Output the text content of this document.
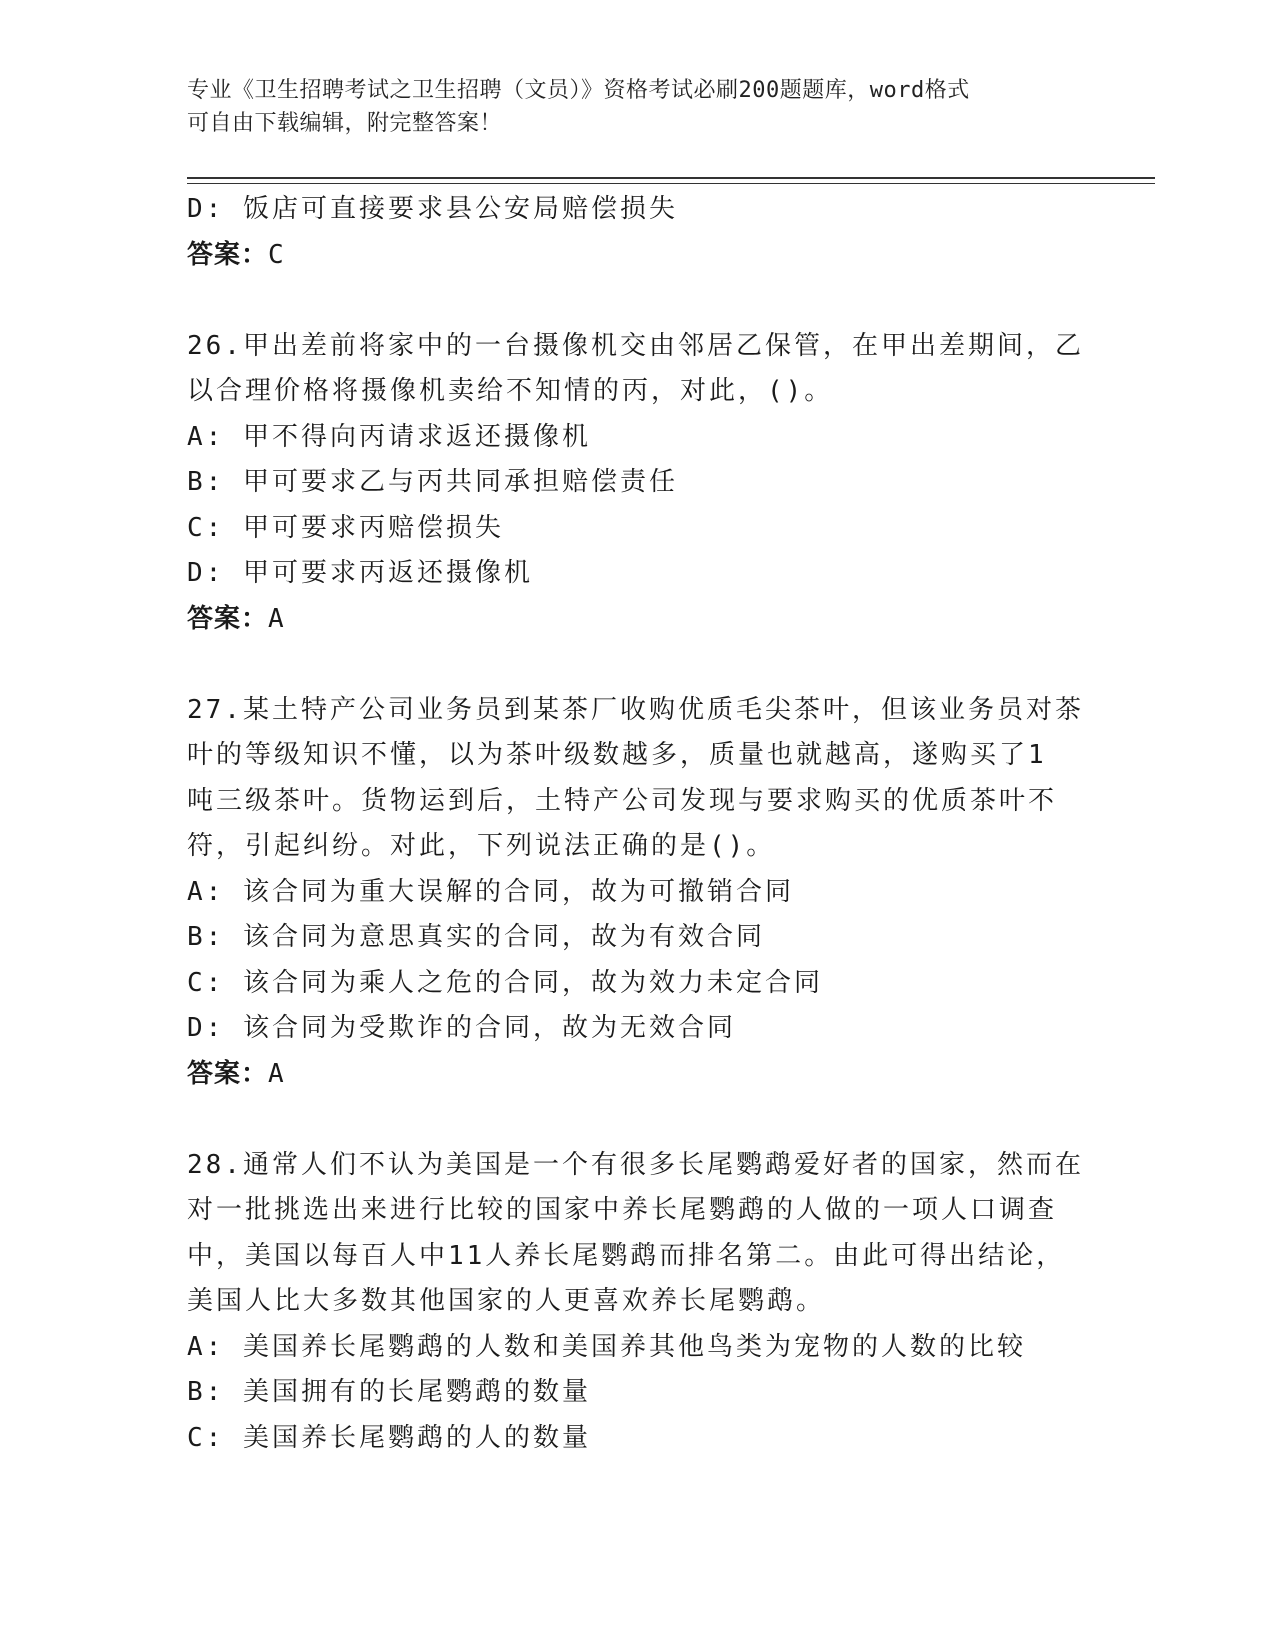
专业《卫生招聘考试之卫生招聘（文员）》资格考试必刷200题题库，word格式
可自由下载编辑，附完整答案！
D: 饭店可直接要求县公安局赔偿损失
答案：C
26.甲出差前将家中的一台摄像机交由邻居乙保管，在甲出差期间，乙
以合理价格将摄像机卖给不知情的丙，对此，()。
A: 甲不得向丙请求返还摄像机
B: 甲可要求乙与丙共同承担赔偿责任
C: 甲可要求丙赔偿损失
D: 甲可要求丙返还摄像机
答案：A
27.某土特产公司业务员到某茶厂收购优质毛尖茶叶，但该业务员对茶
叶的等级知识不懂，以为茶叶级数越多，质量也就越高，遂购买了1
吨三级茶叶。货物运到后，土特产公司发现与要求购买的优质茶叶不
符，引起纠纷。对此，下列说法正确的是()。
A: 该合同为重大误解的合同，故为可撤销合同
B: 该合同为意思真实的合同，故为有效合同
C: 该合同为乘人之危的合同，故为效力未定合同
D: 该合同为受欺诈的合同，故为无效合同
答案：A
28.通常人们不认为美国是一个有很多长尾鹦鹉爱好者的国家，然而在
对一批挑选出来进行比较的国家中养长尾鹦鹉的人做的一项人口调查
中，美国以每百人中11人养长尾鹦鹉而排名第二。由此可得出结论，
美国人比大多数其他国家的人更喜欢养长尾鹦鹉。
A: 美国养长尾鹦鹉的人数和美国养其他鸟类为宠物的人数的比较
B: 美国拥有的长尾鹦鹉的数量
C: 美国养长尾鹦鹉的人的数量
